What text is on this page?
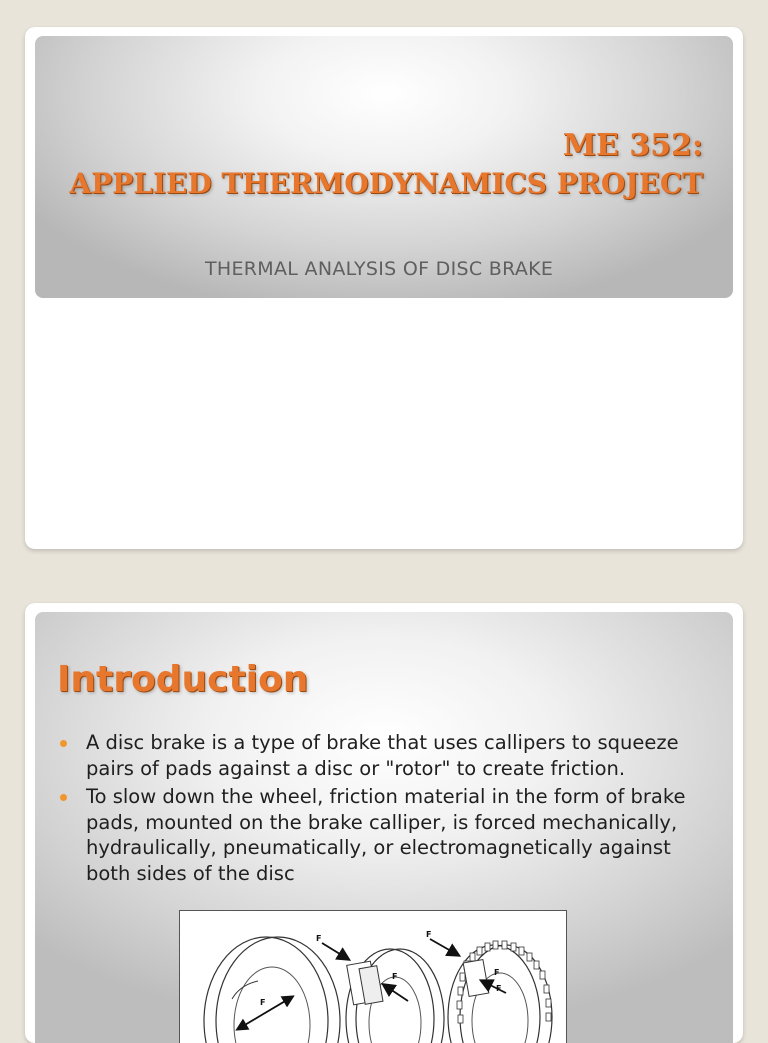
ME 352:
APPLIED THERMODYNAMICS PROJECT
THERMAL ANALYSIS OF DISC BRAKE
Introduction
A disc brake is a type of brake that uses callipers to squeeze pairs of pads against a disc or "rotor" to create friction.
To slow down the wheel, friction material in the form of brake pads, mounted on the brake calliper, is forced mechanically, hydraulically, pneumatically, or electromagnetically against both sides of the disc
F
F
F
F
F
F
